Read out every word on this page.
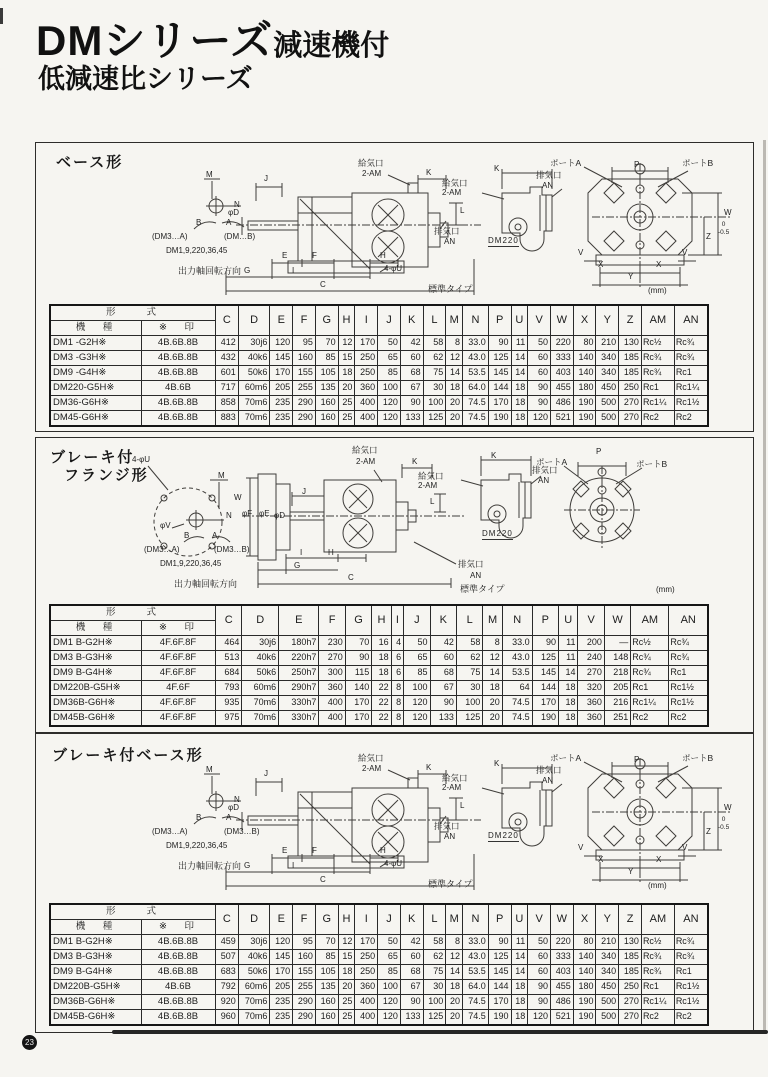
DMシリーズ減速機付
低減速比シリーズ
ベース形
M
N
B	A
(DM3…A)	(DM…B)
DM1,9,220,36,45
出力軸回転方向
J
φD
給気口
2-AM	K
L
排気口
AN
E	F	H
4-φU
G	I
C	標準タイプ
給気口
2-AM
K
排気口
AN
DM220
ポートA	P	ポートB
W
Z
0
-0.5
V	V
X	X
Y
(mm)
形　　式		C	D	E	F	G	H	I	J	K	L	M	N	P	U	V	W	X	Y	Z	AM	AN
機　種	※　印																					
DM1 -G2H※	4B.6B.8B	412	30j6	120	95	70	12	170	50	42	58	8	33.0	90	11	50	220	80	210	130	Rc½	Rc¾
DM3 -G3H※	4B.6B.8B	432	40k6	145	160	85	15	250	65	60	62	12	43.0	125	14	60	333	140	340	185	Rc¾	Rc¾
DM9 -G4H※	4B.6B.8B	601	50k6	170	155	105	18	250	85	68	75	14	53.5	145	14	60	403	140	340	185	Rc¾	Rc1
DM220-G5H※	4B.6B	717	60m6	205	255	135	20	360	100	67	30	18	64.0	144	18	90	455	180	450	250	Rc1	Rc1¼
DM36-G6H※	4B.6B.8B	858	70m6	235	290	160	25	400	120	90	100	20	74.5	170	18	90	486	190	500	270	Rc1¼	Rc1½
DM45-G6H※	4B.6B.8B	883	70m6	235	290	160	25	400	120	133	125	20	74.5	190	18	120	521	190	500	270	Rc2	Rc2
ブレーキ付
フランジ形
4-φU
M
N
φV
B	A
(DM3…A)	(DM3…B)
DM1,9,220,36,45
出力軸回転方向
W
φF φE φD
J
給気口
2-AM	K
L
I	H
G
C
排気口
AN
標準タイプ
給気口
2-AM
K
排気口
AN
DM220
ポートA
P
ポートB
(mm)
形　　式		C	D	E	F	G	H	I	J	K	L	M	N	P	U	V	W	AM	AN
機　種	※　印																		
DM1 B-G2H※	4F.6F.8F	464	30j6	180h7	230	70	16	4	50	42	58	8	33.0	90	11	200	—	Rc½	Rc¾
DM3 B-G3H※	4F.6F.8F	513	40k6	220h7	270	90	18	6	65	60	62	12	43.0	125	11	240	148	Rc¾	Rc¾
DM9 B-G4H※	4F.6F.8F	684	50k6	250h7	300	115	18	6	85	68	75	14	53.5	145	14	270	218	Rc¾	Rc1
DM220B-G5H※	4F.6F	793	60m6	290h7	360	140	22	8	100	67	30	18	64	144	18	320	205	Rc1	Rc1½
DM36B-G6H※	4F.6F.8F	935	70m6	330h7	400	170	22	8	120	90	100	20	74.5	170	18	360	216	Rc1¼	Rc1½
DM45B-G6H※	4F.6F.8F	975	70m6	330h7	400	170	22	8	120	133	125	20	74.5	190	18	360	251	Rc2	Rc2
ブレーキ付ベース形
M
N
B	A
(DM3…A)	(DM3…B)
DM1,9,220,36,45
出力軸回転方向
J
φD
給気口
2-AM	K
L
排気口
AN
E	F	H
4-φU
G	I
C	標準タイプ
給気口
2-AM
K
排気口
AN
DM220
ポートA	P	ポートB
W
Z
0
-0.5
V	V
X	X
Y
(mm)
形　　式		C	D	E	F	G	H	I	J	K	L	M	N	P	U	V	W	X	Y	Z	AM	AN
機　種	※　印																					
DM1 B-G2H※	4B.6B.8B	459	30j6	120	95	70	12	170	50	42	58	8	33.0	90	11	50	220	80	210	130	Rc½	Rc¾
DM3 B-G3H※	4B.6B.8B	507	40k6	145	160	85	15	250	65	60	62	12	43.0	125	14	60	333	140	340	185	Rc¾	Rc¾
DM9 B-G4H※	4B.6B.8B	683	50k6	170	155	105	18	250	85	68	75	14	53.5	145	14	60	403	140	340	185	Rc¾	Rc1
DM220B-G5H※	4B.6B	792	60m6	205	255	135	20	360	100	67	30	18	64.0	144	18	90	455	180	450	250	Rc1	Rc1½
DM36B-G6H※	4B.6B.8B	920	70m6	235	290	160	25	400	120	90	100	20	74.5	170	18	90	486	190	500	270	Rc1¼	Rc1½
DM45B-G6H※	4B.6B.8B	960	70m6	235	290	160	25	400	120	133	125	20	74.5	190	18	120	521	190	500	270	Rc2	Rc2
23
